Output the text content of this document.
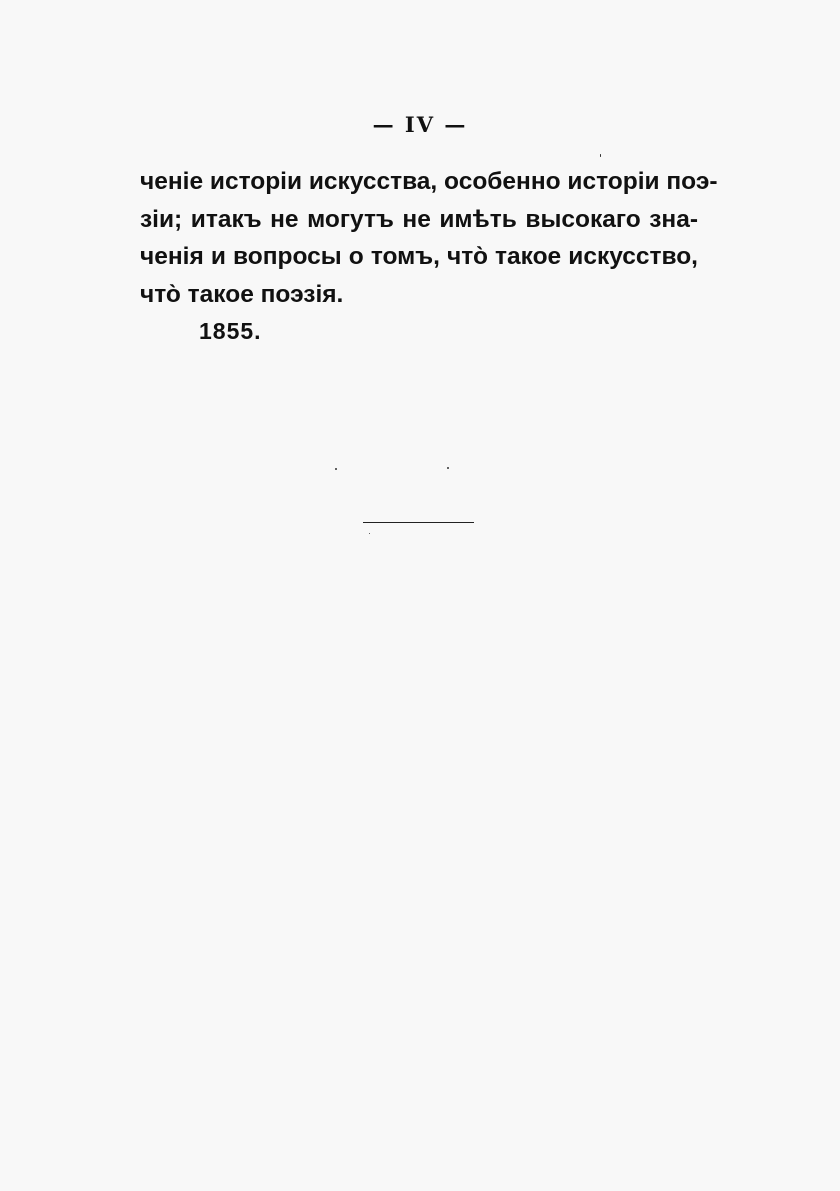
— IV —
ченіе исторіи искусства, особенно исторіи поэ-
зіи; итакъ не могутъ не имѣть высокаго зна-
ченія и вопросы о томъ, что̀ такое искусство,
что̀ такое поэзія.
1855.
